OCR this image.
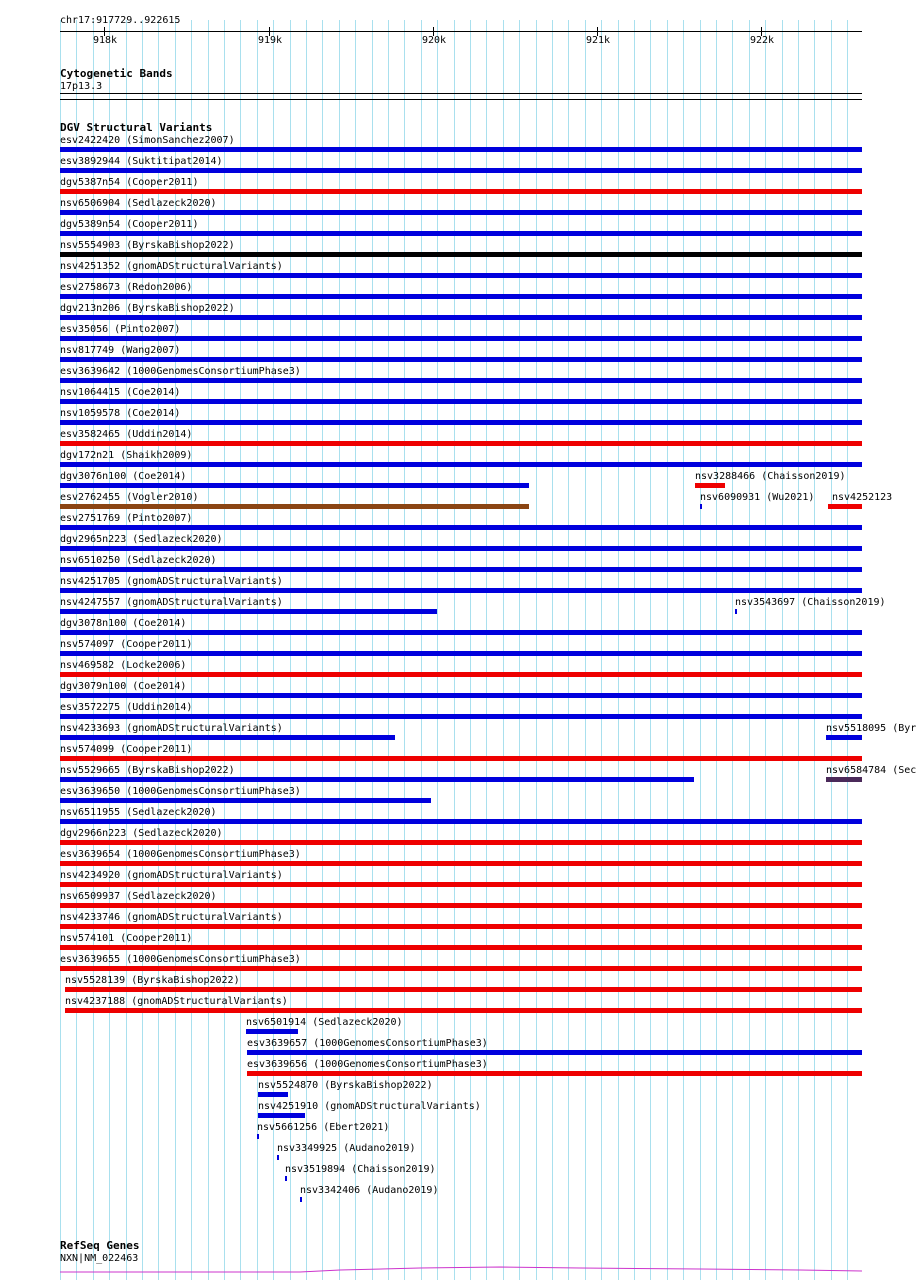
chr17:917729..922615
918k	919k	920k	921k	922k
Cytogenetic Bands
17p13.3
DGV Structural Variants
esv2422420 (SimonSanchez2007)
esv3892944 (Suktitipat2014)
dgv5387n54 (Cooper2011)
nsv6506904 (Sedlazeck2020)
dgv5389n54 (Cooper2011)
nsv5554903 (ByrskaBishop2022)
nsv4251352 (gnomADStructuralVariants)
esv2758673 (Redon2006)
dgv213n206 (ByrskaBishop2022)
esv35056 (Pinto2007)
nsv817749 (Wang2007)
esv3639642 (1000GenomesConsortiumPhase3)
nsv1064415 (Coe2014)
nsv1059578 (Coe2014)
esv3582465 (Uddin2014)
dgv172n21 (Shaikh2009)
dgv3076n100 (Coe2014)
esv2762455 (Vogler2010)
esv2751769 (Pinto2007)
dgv2965n223 (Sedlazeck2020)
nsv6510250 (Sedlazeck2020)
nsv4251705 (gnomADStructuralVariants)
nsv4247557 (gnomADStructuralVariants)
dgv3078n100 (Coe2014)
nsv574097 (Cooper2011)
nsv469582 (Locke2006)
dgv3079n100 (Coe2014)
esv3572275 (Uddin2014)
nsv4233693 (gnomADStructuralVariants)
nsv574099 (Cooper2011)
nsv5529665 (ByrskaBishop2022)
esv3639650 (1000GenomesConsortiumPhase3)
nsv6511955 (Sedlazeck2020)
dgv2966n223 (Sedlazeck2020)
esv3639654 (1000GenomesConsortiumPhase3)
nsv4234920 (gnomADStructuralVariants)
nsv6509937 (Sedlazeck2020)
nsv4233746 (gnomADStructuralVariants)
nsv574101 (Cooper2011)
esv3639655 (1000GenomesConsortiumPhase3)
nsv5528139 (ByrskaBishop2022)
nsv4237188 (gnomADStructuralVariants)
nsv6501914 (Sedlazeck2020)
esv3639657 (1000GenomesConsortiumPhase3)
esv3639656 (1000GenomesConsortiumPhase3)
nsv5524870 (ByrskaBishop2022)
nsv4251910 (gnomADStructuralVariants)
nsv5661256 (Ebert2021)
nsv3349925 (Audano2019)
nsv3519894 (Chaisson2019)
nsv3342406 (Audano2019)
nsv3288466 (Chaisson2019)
nsv6090931 (Wu2021) nsv4252123
nsv3543697 (Chaisson2019)
nsv5518095 (Byr
nsv6584784 (Sec
RefSeq Genes
NXN|NM_022463
